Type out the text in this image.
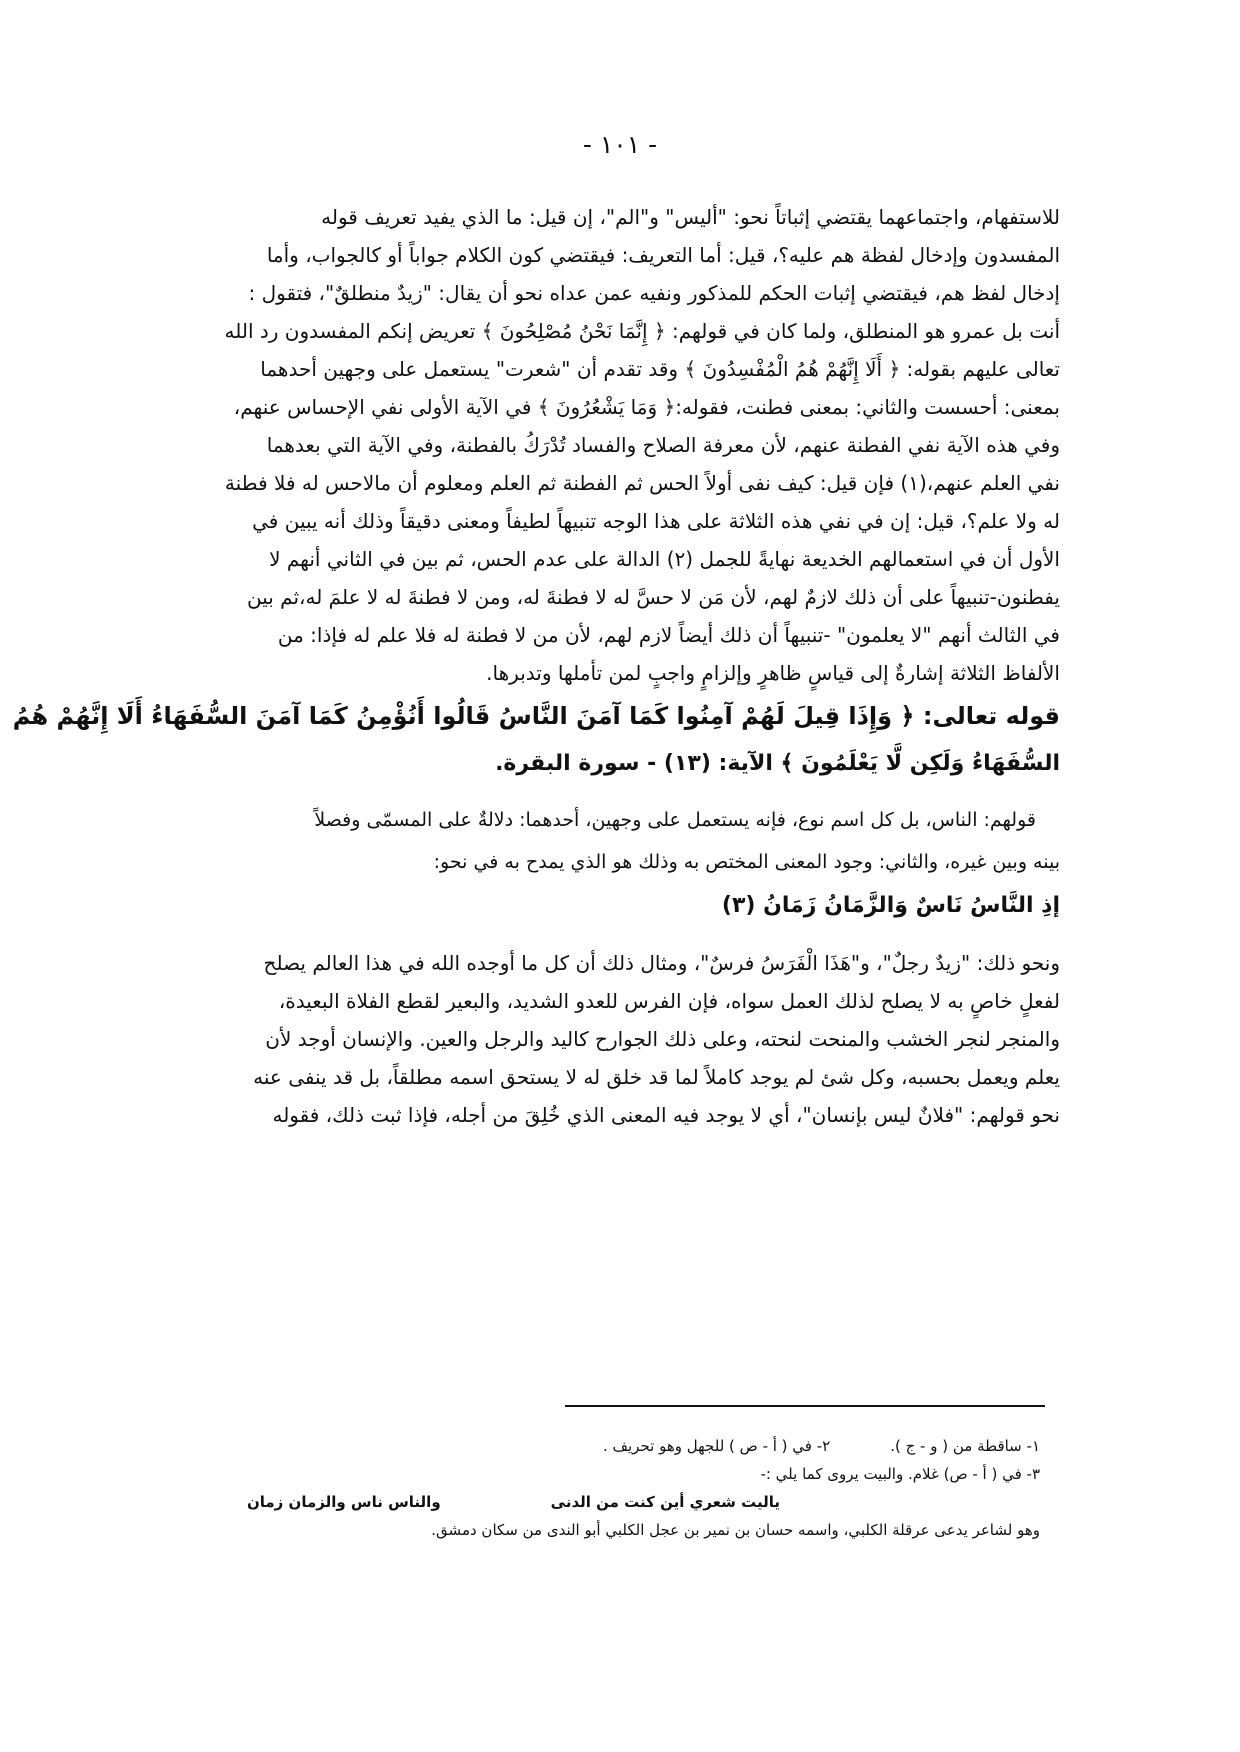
- ١٠١ -
للاستفهام، واجتماعهما يقتضي إثباتاً نحو: "أليس" و"الم"، إن قيل: ما الذي يفيد تعريف قوله
المفسدون وإدخال لفظة هم عليه؟، قيل: أما التعريف: فيقتضي كون الكلام جواباً أو كالجواب، وأما
إدخال لفظ هم، فيقتضي إثبات الحكم للمذكور ونفيه عمن عداه نحو أن يقال: "زيدٌ منطلقٌ"، فتقول :
أنت بل عمرو هو المنطلق، ولما كان في قولهم: ﴿ إِنَّمَا نَحْنُ مُصْلِحُونَ ﴾ تعريض إنكم المفسدون رد الله
تعالى عليهم بقوله: ﴿ أَلَا إِنَّهُمْ هُمُ الْمُفْسِدُونَ ﴾ وقد تقدم أن "شعرت" يستعمل على وجهين أحدهما
بمعنى: أحسست والثاني: بمعنى فطنت، فقوله:﴿ وَمَا يَشْعُرُونَ ﴾ في الآية الأولى نفي الإحساس عنهم،
وفي هذه الآية نفي الفطنة عنهم، لأن معرفة الصلاح والفساد تُدْرَكُ بالفطنة، وفي الآية التي بعدهما
نفي العلم عنهم،(١) فإن قيل: كيف نفى أولاً الحس ثم الفطنة ثم العلم ومعلوم أن مالاحس له فلا فطنة
له ولا علم؟، قيل: إن في نفي هذه الثلاثة على هذا الوجه تنبيهاً لطيفاً ومعنى دقيقاً وذلك أنه يبين في
الأول أن في استعمالهم الخديعة نهايةً للجمل (٢) الدالة على عدم الحس، ثم بين في الثاني أنهم لا
يفطنون-تنبيهاً على أن ذلك لازمٌ لهم، لأن مَن لا حسَّ له لا فطنةَ له، ومن لا فطنةَ له لا علمَ له،ثم بين
في الثالث أنهم "لا يعلمون" -تنبيهاً أن ذلك أيضاً لازم لهم، لأن من لا فطنة له فلا علم له فإذا: من
الألفاظ الثلاثة إشارةٌ إلى قياسٍ ظاهرٍ وإلزامٍ واجبٍ لمن تأملها وتدبرها.
قوله تعالى: ﴿ وَإِذَا قِيلَ لَهُمْ آمِنُوا كَمَا آمَنَ النَّاسُ قَالُوا أَنُؤْمِنُ كَمَا آمَنَ السُّفَهَاءُ أَلَا إِنَّهُمْ هُمُ
السُّفَهَاءُ وَلَكِن لَّا يَعْلَمُونَ ﴾ الآية: (١٣) - سورة البقرة.
قولهم: الناس، بل كل اسم نوع، فإنه يستعمل على وجهين، أحدهما: دلالةٌ على المسمّى وفصلاً
بينه وبين غيره، والثاني: وجود المعنى المختص به وذلك هو الذي يمدح به في نحو:
إذِ النَّاسُ نَاسٌ وَالزَّمَانُ زَمَانُ (٣)
ونحو ذلك: "زيدٌ رجلٌ"، و"هَذَا الْفَرَسُ فرسٌ"، ومثال ذلك أن كل ما أوجده الله في هذا العالم يصلح
لفعلٍ خاصٍ به لا يصلح لذلك العمل سواه، فإن الفرس للعدو الشديد، والبعير لقطع الفلاة البعيدة،
والمنجر لنجر الخشب والمنحت لنحته، وعلى ذلك الجوارح كاليد والرجل والعين. والإنسان أوجد لأن
يعلم ويعمل بحسبه، وكل شئ لم يوجد كاملاً لما قد خلق له لا يستحق اسمه مطلقاً، بل قد ينفى عنه
نحو قولهم: "فلانٌ ليس بإنسان"، أي لا يوجد فيه المعنى الذي خُلِقَ من أجله، فإذا ثبت ذلك، فقوله
١- ساقطة من ( و - ج ).
٢- في ( أ - ص ) للجهل وهو تحريف .
٣- في ( أ - ص) غلام. والبيت يروى كما يلي :-
ياليت شعري أين كنت من الدنى
والناس ناس والزمان زمان
وهو لشاعر يدعى عرقلة الكلبي، واسمه حسان بن نمير بن عجل الكلبي أبو الندى من سكان دمشق.
